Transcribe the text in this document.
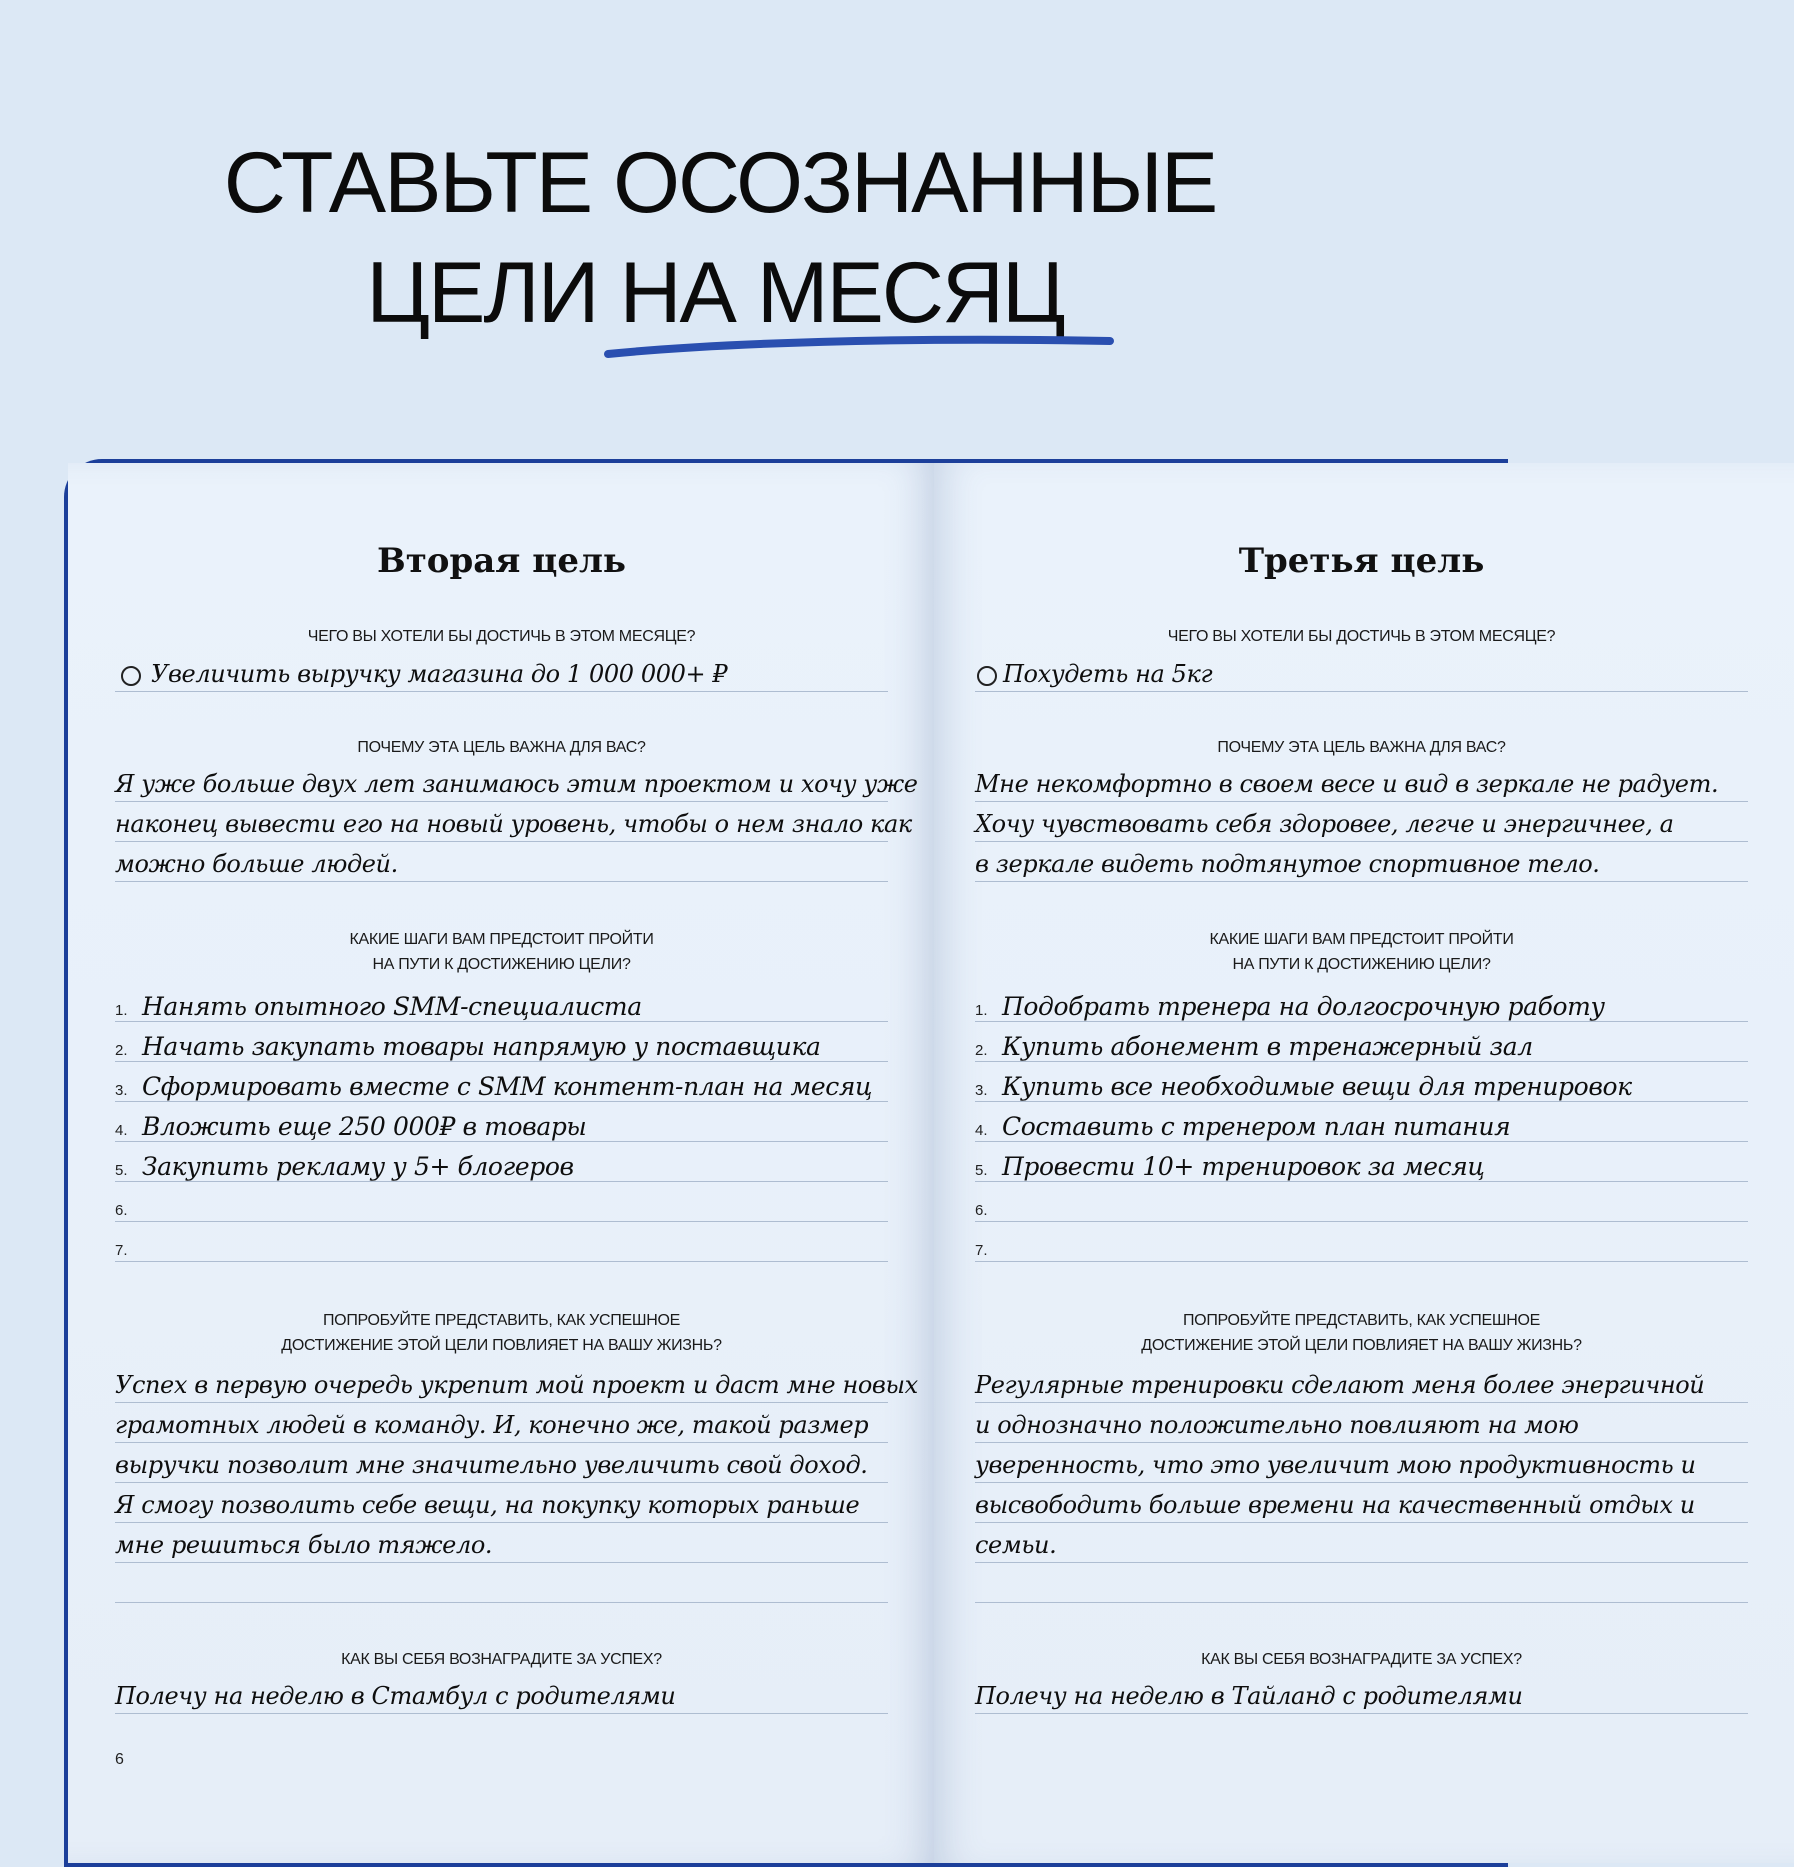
СТАВЬТЕ ОСОЗНАННЫЕ
ЦЕЛИ НА МЕСЯЦ
Вторая цель
ЧЕГО ВЫ ХОТЕЛИ БЫ ДОСТИЧЬ В ЭТОМ МЕСЯЦЕ?
Увеличить выручку магазина до 1 000 000+ ₽
ПОЧЕМУ ЭТА ЦЕЛЬ ВАЖНА ДЛЯ ВАС?
Я уже больше двух лет занимаюсь этим проектом и хочу уже
наконец вывести его на новый уровень, чтобы о нем знало как
можно больше людей.
КАКИЕ ШАГИ ВАМ ПРЕДСТОИТ ПРОЙТИ
НА ПУТИ К ДОСТИЖЕНИЮ ЦЕЛИ?
1. Нанять опытного SMM-специалиста
2. Начать закупать товары напрямую у поставщика
3. Сформировать вместе с SMM контент-план на месяц
4. Вложить еще 250 000₽ в товары
5. Закупить рекламу у 5+ блогеров
6.
7.
ПОПРОБУЙТЕ ПРЕДСТАВИТЬ, КАК УСПЕШНОЕ
ДОСТИЖЕНИЕ ЭТОЙ ЦЕЛИ ПОВЛИЯЕТ НА ВАШУ ЖИЗНЬ?
Успех в первую очередь укрепит мой проект и даст мне новых
грамотных людей в команду. И, конечно же, такой размер
выручки позволит мне значительно увеличить свой доход.
Я смогу позволить себе вещи, на покупку которых раньше
мне решиться было тяжело.
КАК ВЫ СЕБЯ ВОЗНАГРАДИТЕ ЗА УСПЕХ?
Полечу на неделю в Стамбул с родителями
6
Третья цель
ЧЕГО ВЫ ХОТЕЛИ БЫ ДОСТИЧЬ В ЭТОМ МЕСЯЦЕ?
Похудеть на 5кг
ПОЧЕМУ ЭТА ЦЕЛЬ ВАЖНА ДЛЯ ВАС?
Мне некомфортно в своем весе и вид в зеркале не радует.
Хочу чувствовать себя здоровее, легче и энергичнее, а
в зеркале видеть подтянутое спортивное тело.
КАКИЕ ШАГИ ВАМ ПРЕДСТОИТ ПРОЙТИ
НА ПУТИ К ДОСТИЖЕНИЮ ЦЕЛИ?
1. Подобрать тренера на долгосрочную работу
2. Купить абонемент в тренажерный зал
3. Купить все необходимые вещи для тренировок
4. Составить с тренером план питания
5. Провести 10+ тренировок за месяц
6.
7.
ПОПРОБУЙТЕ ПРЕДСТАВИТЬ, КАК УСПЕШНОЕ
ДОСТИЖЕНИЕ ЭТОЙ ЦЕЛИ ПОВЛИЯЕТ НА ВАШУ ЖИЗНЬ?
Регулярные тренировки сделают меня более энергичной
и однозначно положительно повлияют на мою
уверенность, что это увеличит мою продуктивность и
высвободить больше времени на качественный отдых и
семьи.
КАК ВЫ СЕБЯ ВОЗНАГРАДИТЕ ЗА УСПЕХ?
Полечу на неделю в Тайланд с родителями
